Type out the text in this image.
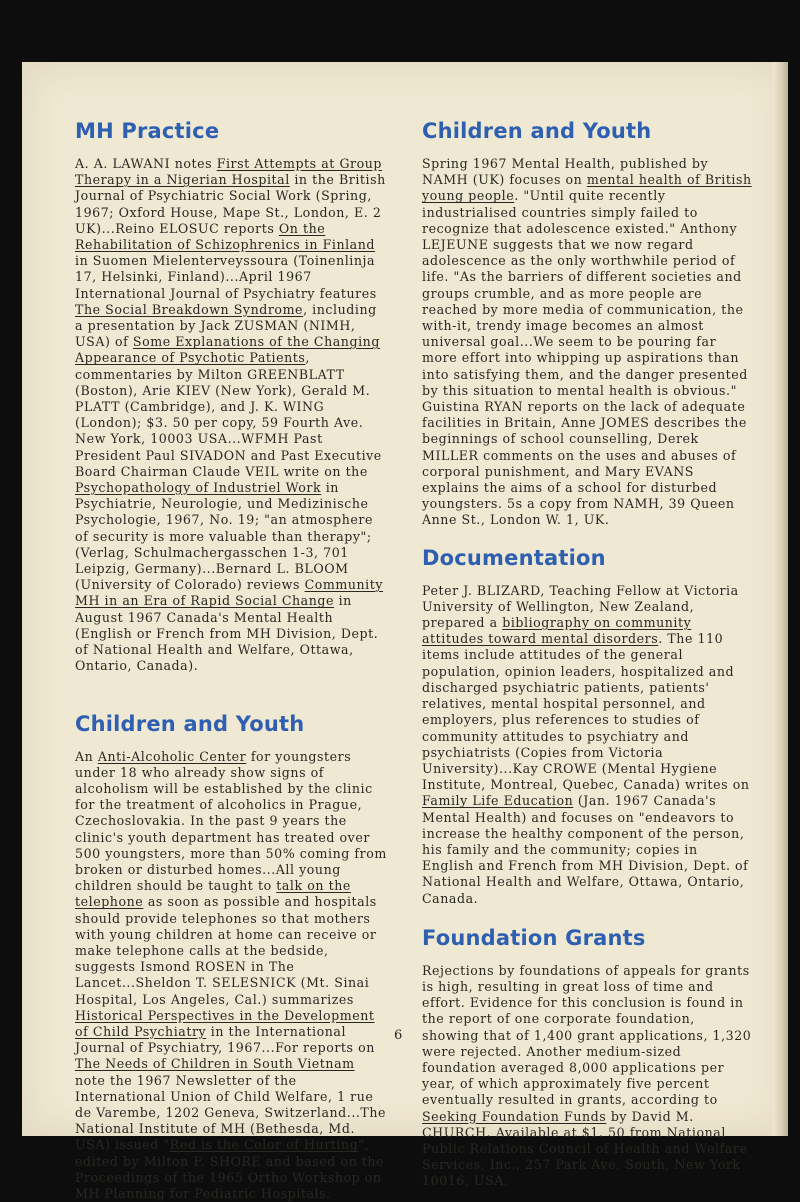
MH Practice

A. A. LAWANI notes First Attempts at Group Therapy in a Nigerian Hospital in the British Journal of Psychiatric Social Work (Spring, 1967; Oxford House, Mape St., London, E. 2 UK)...Reino ELOSUC reports On the Rehabilitation of Schizophrenics in Finland in Suomen Mielenterveyssoura (Toinenlinja 17, Helsinki, Finland)...April 1967 International Journal of Psychiatry features The Social Breakdown Syndrome, including a presentation by Jack ZUSMAN (NIMH, USA) of Some Explanations of the Changing Appearance of Psychotic Patients, commentaries by Milton GREENBLATT (Boston), Arie KIEV (New York), Gerald M. PLATT (Cambridge), and J. K. WING (London); $3. 50 per copy, 59 Fourth Ave. New York, 10003 USA...WFMH Past President Paul SIVADON and Past Executive Board Chairman Claude VEIL write on the Psychopathology of Industriel Work in Psychiatrie, Neurologie, und Medizinische Psychologie, 1967, No. 19; "an atmosphere of security is more valuable than therapy"; (Verlag, Schulmachergasschen 1-3, 701 Leipzig, Germany)...Bernard L. BLOOM (University of Colorado) reviews Community MH in an Era of Rapid Social Change in August 1967 Canada's Mental Health (English or French from MH Division, Dept. of National Health and Welfare, Ottawa, Ontario, Canada).

Children and Youth

An Anti-Alcoholic Center for youngsters under 18 who already show signs of alcoholism will be established by the clinic for the treatment of alcoholics in Prague, Czechoslovakia. In the past 9 years the clinic's youth department has treated over 500 youngsters, more than 50% coming from broken or disturbed homes...All young children should be taught to talk on the telephone as soon as possible and hospitals should provide telephones so that mothers with young children at home can receive or make telephone calls at the bedside, suggests Ismond ROSEN in The Lancet...Sheldon T. SELESNICK (Mt. Sinai Hospital, Los Angeles, Cal.) summarizes Historical Perspectives in the Development of Child Psychiatry in the International Journal of Psychiatry, 1967...For reports on The Needs of Children in South Vietnam note the 1967 Newsletter of the International Union of Child Welfare, 1 rue de Varembe, 1202 Geneva, Switzerland...The National Institute of MH (Bethesda, Md. USA) issued "Red is the Color of Hurting", edited by Milton F. SHORE and based on the Proceedings of the 1965 Ortho Workshop on MH Planning for Pediatric Hospitals.

Children and Youth

Spring 1967 Mental Health, published by NAMH (UK) focuses on mental health of British young people. "Until quite recently industrialised countries simply failed to recognize that adolescence existed." Anthony LEJEUNE suggests that we now regard adolescence as the only worthwhile period of life. "As the barriers of different societies and groups crumble, and as more people are reached by more media of communication, the with-it, trendy image becomes an almost universal goal...We seem to be pouring far more effort into whipping up aspirations than into satisfying them, and the danger presented by this situation to mental health is obvious." Guistina RYAN reports on the lack of adequate facilities in Britain, Anne JOMES describes the beginnings of school counselling, Derek MILLER comments on the uses and abuses of corporal punishment, and Mary EVANS explains the aims of a school for disturbed youngsters. 5s a copy from NAMH, 39 Queen Anne St., London W. 1, UK.

Documentation

Peter J. BLIZARD, Teaching Fellow at Victoria University of Wellington, New Zealand, prepared a bibliography on community attitudes toward mental disorders. The 110 items include attitudes of the general population, opinion leaders, hospitalized and discharged psychiatric patients, patients' relatives, mental hospital personnel, and employers, plus references to studies of community attitudes to psychiatry and psychiatrists (Copies from Victoria University)...Kay CROWE (Mental Hygiene Institute, Montreal, Quebec, Canada) writes on Family Life Education (Jan. 1967 Canada's Mental Health) and focuses on "endeavors to increase the healthy component of the person, his family and the community; copies in English and French from MH Division, Dept. of National Health and Welfare, Ottawa, Ontario, Canada.

Foundation Grants

Rejections by foundations of appeals for grants is high, resulting in great loss of time and effort. Evidence for this conclusion is found in the report of one corporate foundation, showing that of 1,400 grant applications, 1,320 were rejected. Another medium-sized foundation averaged 8,000 applications per year, of which approximately five percent eventually resulted in grants, according to Seeking Foundation Funds by David M. CHURCH. Available at $1. 50 from National Public Relations Council of Health and Welfare Services, Inc., 257 Park Ave. South, New York 10016, USA.

6
